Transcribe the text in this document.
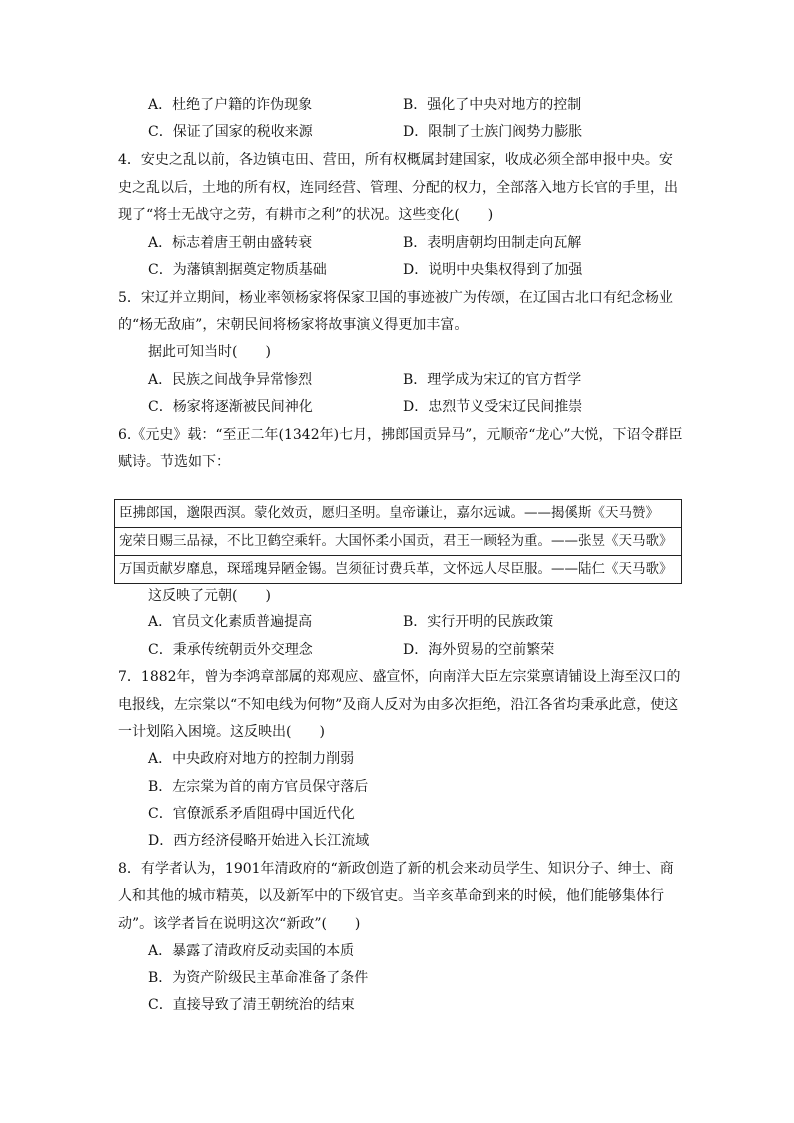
A．杜绝了户籍的诈伪现象	B．强化了中央对地方的控制
C．保证了国家的税收来源	D．限制了士族门阀势力膨胀
4．安史之乱以前，各边镇屯田、营田，所有权概属封建国家，收成必须全部申报中央。安
史之乱以后，土地的所有权，连同经营、管理、分配的权力，全部落入地方长官的手里，出
现了“将士无战守之劳，有耕市之利”的状况。这些变化(　　)
A．标志着唐王朝由盛转衰	B．表明唐朝均田制走向瓦解
C．为藩镇割据奠定物质基础	D．说明中央集权得到了加强
5．宋辽并立期间，杨业率领杨家将保家卫国的事迹被广为传颂，在辽国古北口有纪念杨业
的“杨无敌庙”，宋朝民间将杨家将故事演义得更加丰富。
据此可知当时(　　)
A．民族之间战争异常惨烈	B．理学成为宋辽的官方哲学
C．杨家将逐渐被民间神化	D．忠烈节义受宋辽民间推崇
6.《元史》载：“至正二年(1342年)七月，拂郎国贡异马”，元顺帝“龙心”大悦，下诏令群臣
赋诗。节选如下：
臣拂郎国，邈限西溟。蒙化效贡，愿归圣明。皇帝谦让，嘉尔远诚。——揭傒斯《天马赞》
宠荣日赐三品禄，不比卫鹤空乘轩。大国怀柔小国贡，君王一顾轻为重。——张昱《天马歌》
万国贡献岁靡息，琛瑶瑰异陋金锡。岂须征讨费兵革，文怀远人尽臣服。——陆仁《天马歌》
这反映了元朝(　　)
A．官员文化素质普遍提高	B．实行开明的民族政策
C．秉承传统朝贡外交理念	D．海外贸易的空前繁荣
7．1882年，曾为李鸿章部属的郑观应、盛宣怀，向南洋大臣左宗棠禀请铺设上海至汉口的
电报线，左宗棠以“不知电线为何物”及商人反对为由多次拒绝，沿江各省均秉承此意，使这
一计划陷入困境。这反映出(　　)
A．中央政府对地方的控制力削弱
B．左宗棠为首的南方官员保守落后
C．官僚派系矛盾阻碍中国近代化
D．西方经济侵略开始进入长江流域
8．有学者认为，1901年清政府的“新政创造了新的机会来动员学生、知识分子、绅士、商
人和其他的城市精英，以及新军中的下级官吏。当辛亥革命到来的时候，他们能够集体行
动”。该学者旨在说明这次“新政”(　　)
A．暴露了清政府反动卖国的本质
B．为资产阶级民主革命准备了条件
C．直接导致了清王朝统治的结束
